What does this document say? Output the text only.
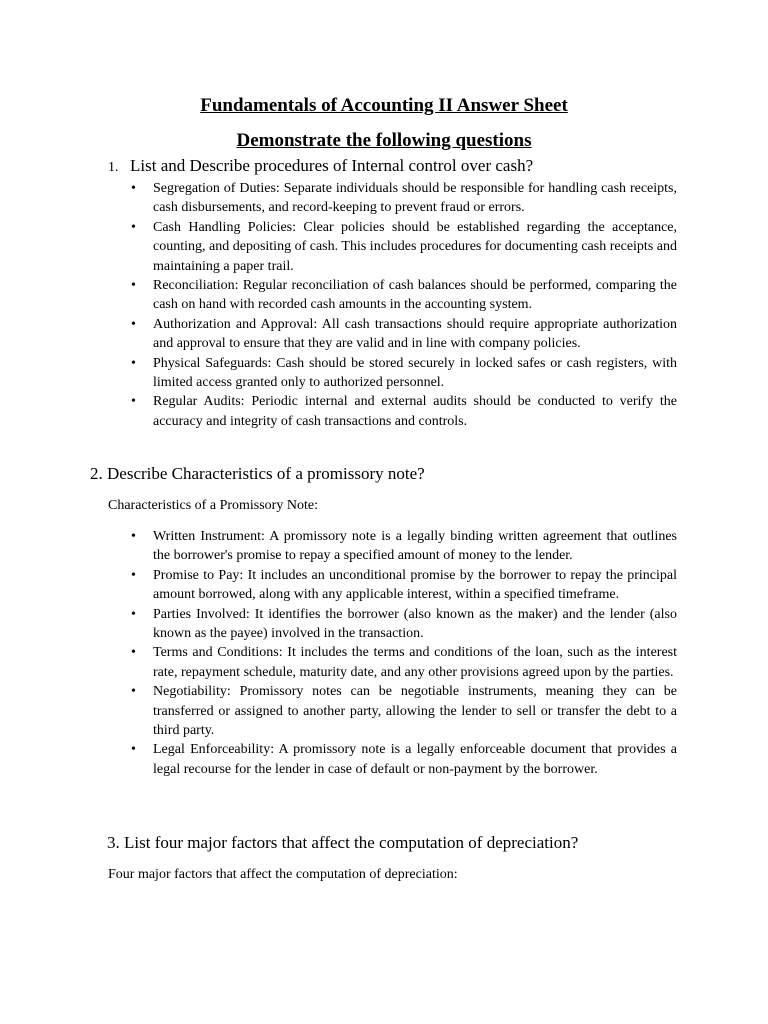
Fundamentals of Accounting II Answer Sheet
Demonstrate the following questions

1. List and Describe procedures of Internal control over cash?

• Segregation of Duties: Separate individuals should be responsible for handling cash receipts, cash disbursements, and record-keeping to prevent fraud or errors.
• Cash Handling Policies: Clear policies should be established regarding the acceptance, counting, and depositing of cash. This includes procedures for documenting cash receipts and maintaining a paper trail.
• Reconciliation: Regular reconciliation of cash balances should be performed, comparing the cash on hand with recorded cash amounts in the accounting system.
• Authorization and Approval: All cash transactions should require appropriate authorization and approval to ensure that they are valid and in line with company policies.
• Physical Safeguards: Cash should be stored securely in locked safes or cash registers, with limited access granted only to authorized personnel.
• Regular Audits: Periodic internal and external audits should be conducted to verify the accuracy and integrity of cash transactions and controls.

2. Describe Characteristics of a promissory note?

Characteristics of a Promissory Note:

• Written Instrument: A promissory note is a legally binding written agreement that outlines the borrower's promise to repay a specified amount of money to the lender.
• Promise to Pay: It includes an unconditional promise by the borrower to repay the principal amount borrowed, along with any applicable interest, within a specified timeframe.
• Parties Involved: It identifies the borrower (also known as the maker) and the lender (also known as the payee) involved in the transaction.
• Terms and Conditions: It includes the terms and conditions of the loan, such as the interest rate, repayment schedule, maturity date, and any other provisions agreed upon by the parties.
• Negotiability: Promissory notes can be negotiable instruments, meaning they can be transferred or assigned to another party, allowing the lender to sell or transfer the debt to a third party.
• Legal Enforceability: A promissory note is a legally enforceable document that provides a legal recourse for the lender in case of default or non-payment by the borrower.

3. List four major factors that affect the computation of depreciation?

Four major factors that affect the computation of depreciation:
